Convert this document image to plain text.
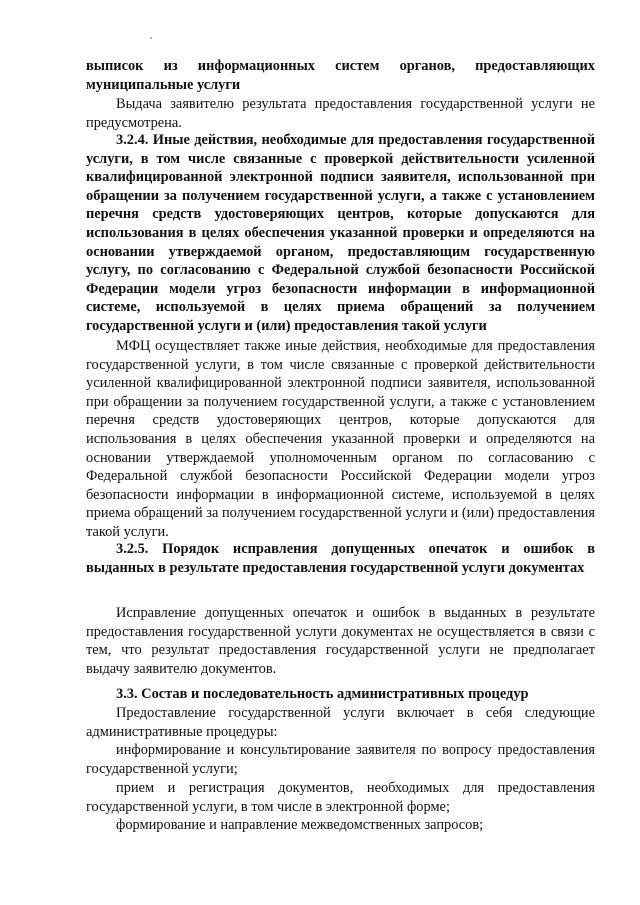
выписок из информационных систем органов, предоставляющих муниципальные услуги

Выдача заявителю результата предоставления государственной услуги не предусмотрена.

3.2.4. Иные действия, необходимые для предоставления государственной услуги, в том числе связанные с проверкой действительности усиленной квалифицированной электронной подписи заявителя, использованной при обращении за получением государственной услуги, а также с установлением перечня средств удостоверяющих центров, которые допускаются для использования в целях обеспечения указанной проверки и определяются на основании утверждаемой органом, предоставляющим государственную услугу, по согласованию с Федеральной службой безопасности Российской Федерации модели угроз безопасности информации в информационной системе, используемой в целях приема обращений за получением государственной услуги и (или) предоставления такой услуги

МФЦ осуществляет также иные действия, необходимые для предоставления государственной услуги, в том числе связанные с проверкой действительности усиленной квалифицированной электронной подписи заявителя, использованной при обращении за получением государственной услуги, а также с установлением перечня средств удостоверяющих центров, которые допускаются для использования в целях обеспечения указанной проверки и определяются на основании утверждаемой уполномоченным органом по согласованию с Федеральной службой безопасности Российской Федерации модели угроз безопасности информации в информационной системе, используемой в целях приема обращений за получением государственной услуги и (или) предоставления такой услуги.

3.2.5. Порядок исправления допущенных опечаток и ошибок в выданных в результате предоставления государственной услуги документах

Исправление допущенных опечаток и ошибок в выданных в результате предоставления государственной услуги документах не осуществляется в связи с тем, что результат предоставления государственной услуги не предполагает выдачу заявителю документов.

3.3. Состав и последовательность административных процедур

Предоставление государственной услуги включает в себя следующие административные процедуры:

информирование и консультирование заявителя по вопросу предоставления государственной услуги;

прием и регистрация документов, необходимых для предоставления государственной услуги, в том числе в электронной форме;

формирование и направление межведомственных запросов;
